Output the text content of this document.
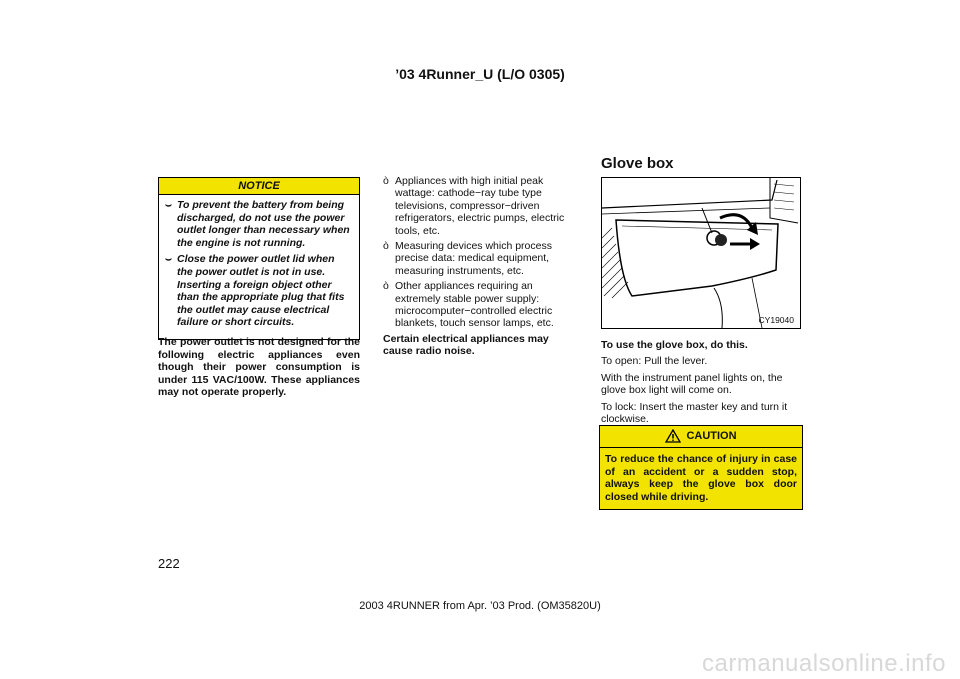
’03 4Runner_U (L/O 0305)
NOTICE
⌣ To prevent the battery from being discharged, do not use the power outlet longer than necessary when the engine is not running.
⌣ Close the power outlet lid when the power outlet is not in use. Inserting a foreign object other than the appropriate plug that fits the outlet may cause electrical failure or short circuits.
The power outlet is not designed for the following electric appliances even though their power consumption is under 115 VAC/100W. These appliances may not operate properly.
ò Appliances with high initial peak wattage: cathode−ray tube type televisions, compressor−driven refrigerators, electric pumps, electric tools, etc.
ò Measuring devices which process precise data: medical equipment, measuring instruments, etc.
ò Other appliances requiring an extremely stable power supply: microcomputer−controlled electric blankets, touch sensor lamps, etc.
Certain electrical appliances may cause radio noise.
Glove box
CY19040

To use the glove box, do this.

To open: Pull the lever.

With the instrument panel lights on, the glove box light will come on.

To lock: Insert the master key and turn it clockwise.

CAUTION
To reduce the chance of injury in case of an accident or a sudden stop, always keep the glove box door closed while driving.
222
2003 4RUNNER from Apr. ’03 Prod. (OM35820U)
carmanualsonline.info
